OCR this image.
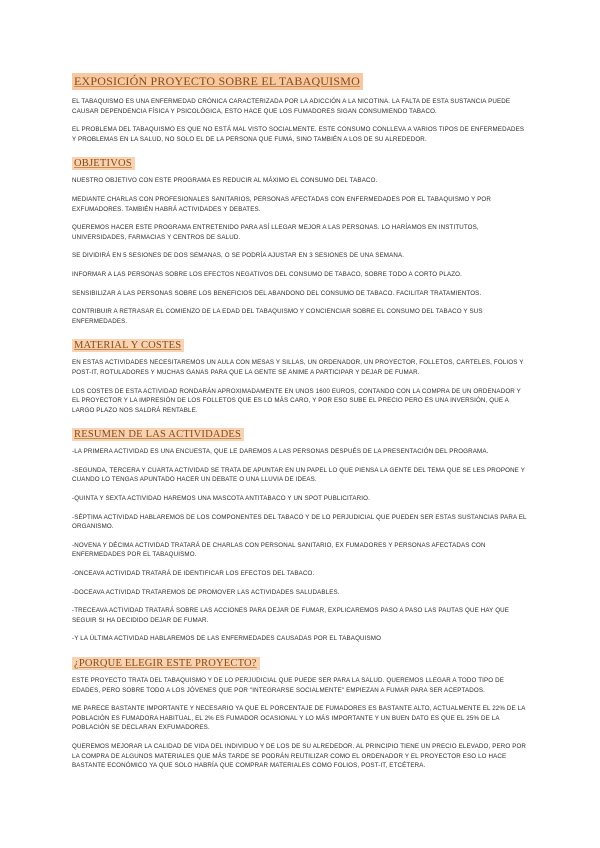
EXPOSICIÓN PROYECTO SOBRE EL TABAQUISMO

EL TABAQUISMO ES UNA ENFERMEDAD CRÓNICA CARACTERIZADA POR LA ADICCIÓN A LA NICOTINA. LA FALTA DE ESTA SUSTANCIA PUEDE CAUSAR DEPENDENCIA FÍSICA Y PSICOLÓGICA, ESTO HACE QUE LOS FUMADORES SIGAN CONSUMIENDO TABACO.

EL PROBLEMA DEL TABAQUISMO ES QUE NO ESTÁ MAL VISTO SOCIALMENTE. ESTE CONSUMO CONLLEVA A VARIOS TIPOS DE ENFERMEDADES Y PROBLEMAS EN LA SALUD, NO SOLO EL DE LA PERSONA QUE FUMA, SINO TAMBIÉN A LOS DE SU ALREDEDOR.

OBJETIVOS

NUESTRO OBJETIVO CON ESTE PROGRAMA ES REDUCIR AL MÁXIMO EL CONSUMO DEL TABACO.

MEDIANTE CHARLAS CON PROFESIONALES SANITARIOS, PERSONAS AFECTADAS CON ENFERMEDADES POR EL TABAQUISMO Y POR EXFUMADORES. TAMBIÉN HABRÁ ACTIVIDADES Y DEBATES.

QUEREMOS HACER ESTE PROGRAMA ENTRETENIDO PARA ASÍ LLEGAR MEJOR A LAS PERSONAS. LO HARÍAMOS EN INSTITUTOS, UNIVERSIDADES, FARMACIAS Y CENTROS DE SALUD.

SE DIVIDIRÁ EN 5 SESIONES DE DOS SEMANAS, O SE PODRÍA AJUSTAR EN 3 SESIONES DE UNA SEMANA.

INFORMAR A LAS PERSONAS SOBRE LOS EFECTOS NEGATIVOS DEL CONSUMO DE TABACO, SOBRE TODO A CORTO PLAZO.

SENSIBILIZAR A LAS PERSONAS SOBRE LOS BENEFICIOS DEL ABANDONO DEL CONSUMO DE TABACO. FACILITAR TRATAMIENTOS.

CONTRIBUIR A RETRASAR EL COMIENZO DE LA EDAD DEL TABAQUISMO Y CONCIENCIAR SOBRE EL CONSUMO DEL TABACO Y SUS ENFERMEDADES.

MATERIAL Y COSTES

EN ESTAS ACTIVIDADES NECESITAREMOS UN AULA CON MESAS Y SILLAS, UN ORDENADOR, UN PROYECTOR, FOLLETOS, CARTELES, FOLIOS Y POST-IT, ROTULADORES Y MUCHAS GANAS PARA QUE LA GENTE SE ANIME A PARTICIPAR Y DEJAR DE FUMAR.

LOS COSTES DE ESTA ACTIVIDAD RONDARÁN APROXIMADAMENTE EN UNOS 1600 EUROS, CONTANDO CON LA COMPRA DE UN ORDENADOR Y EL PROYECTOR Y LA IMPRESIÓN DE LOS FOLLETOS QUE ES LO MÁS CARO, Y POR ESO SUBE EL PRECIO PERO ES UNA INVERSIÓN, QUE A LARGO PLAZO NOS SALDRÁ RENTABLE.

RESUMEN DE LAS ACTIVIDADES

-LA PRIMERA ACTIVIDAD ES UNA ENCUESTA, QUE LE DAREMOS A LAS PERSONAS DESPUÉS DE LA PRESENTACIÓN DEL PROGRAMA.

-SEGUNDA, TERCERA Y CUARTA ACTIVIDAD SE TRATA DE APUNTAR EN UN PAPEL LO QUE PIENSA LA GENTE DEL TEMA QUE SE LES PROPONE Y CUANDO LO TENGAS APUNTADO HACER UN DEBATE O UNA LLUVIA DE IDEAS.

-QUINTA Y SEXTA ACTIVIDAD HAREMOS UNA MASCOTA ANTITABACO Y UN SPOT PUBLICITARIO.

-SÉPTIMA ACTIVIDAD HABLAREMOS DE LOS COMPONENTES DEL TABACO Y DE LO PERJUDICIAL QUE PUEDEN SER ESTAS SUSTANCIAS PARA EL ORGANISMO.

-NOVENA Y DÉCIMA ACTIVIDAD TRATARÁ DE CHARLAS CON PERSONAL SANITARIO, EX FUMADORES Y PERSONAS AFECTADAS CON ENFERMEDADES POR EL TABAQUISMO.

-ONCEAVA ACTIVIDAD TRATARÁ DE IDENTIFICAR LOS EFECTOS DEL TABACO.

-DOCEAVA ACTIVIDAD TRATAREMOS DE PROMOVER LAS ACTIVIDADES SALUDABLES.

-TRECEAVA ACTIVIDAD TRATARÁ SOBRE LAS ACCIONES PARA DEJAR DE FUMAR, EXPLICAREMOS PASO A PASO LAS PAUTAS QUE HAY QUE SEGUIR SI HA DECIDIDO DEJAR DE FUMAR.

-Y LA ÚLTIMA ACTIVIDAD HABLAREMOS DE LAS ENFERMEDADES CAUSADAS POR EL TABAQUISMO

¿PORQUE ELEGIR ESTE PROYECTO?

ESTE PROYECTO TRATA DEL TABAQUISMO Y DE LO PERJUDICIAL QUE PUEDE SER PARA LA SALUD. QUEREMOS LLEGAR A TODO TIPO DE EDADES, PERO SOBRE TODO A LOS JÓVENES QUE POR "INTEGRARSE SOCIALMENTE" EMPIEZAN A FUMAR PARA SER ACEPTADOS.

ME PARECE BASTANTE IMPORTANTE Y NECESARIO YA QUE EL PORCENTAJE DE FUMADORES ES BASTANTE ALTO, ACTUALMENTE EL 22% DE LA POBLACIÓN ES FUMADORA HABITUAL, EL 2% ES FUMADOR OCASIONAL Y LO MÁS IMPORTANTE Y UN BUEN DATO ES QUE EL 25% DE LA POBLACIÓN SE DECLARAN EXFUMADORES.

QUEREMOS MEJORAR LA CALIDAD DE VIDA DEL INDIVIDUO Y DE LOS DE SU ALREDEDOR. AL PRINCIPIO TIENE UN PRECIO ELEVADO, PERO POR LA COMPRA DE ALGUNOS MATERIALES QUE MÁS TARDE SE PODRÁN REUTILIZAR COMO EL ORDENADOR Y EL PROYECTOR ESO LO HACE BASTANTE ECONÓMICO YA QUE SOLO HABRÍA QUE COMPRAR MATERIALES COMO FOLIOS, POST-IT, ETCÉTERA.
